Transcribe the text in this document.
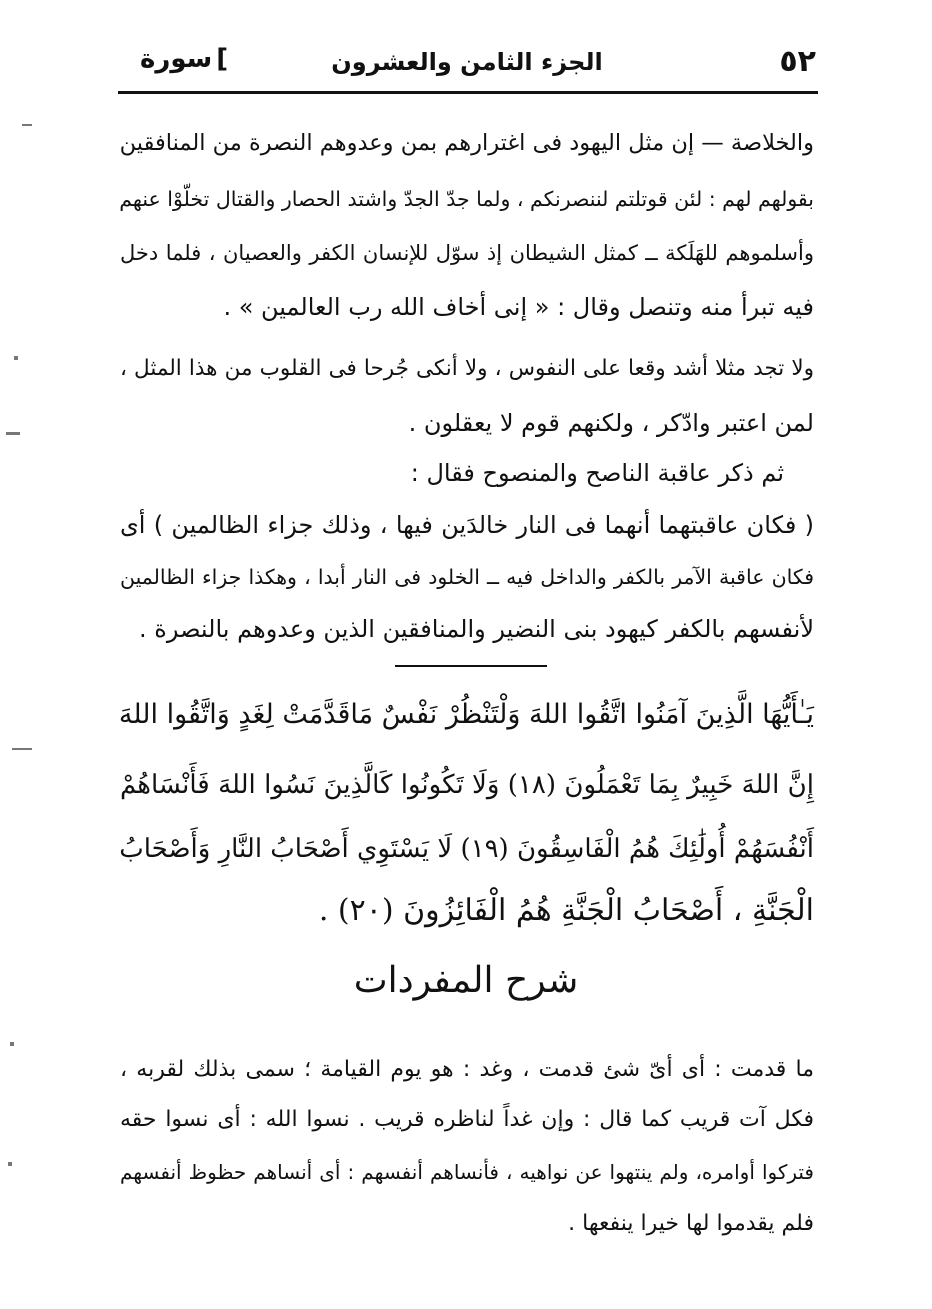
٥٢
الجزء الثامن والعشرون
سورة [
والخلاصة — إن مثل اليهود فى اغترارهم بمن وعدوهم النصرة من المنافقين
بقولهم لهم : لئن قوتلتم لننصرنكم ، ولما جدّ الجدّ واشتد الحصار والقتال تخلّوْا عنهم
وأسلموهم للهَلَكة ــ كمثل الشيطان إذ سوّل للإنسان الكفر والعصيان ، فلما دخل
فيه تبرأ منه وتنصل وقال : « إنى أخاف الله رب العالمين » .
ولا تجد مثلا أشد وقعا على النفوس ، ولا أنكى جُرحا فى القلوب من هذا المثل ،
لمن اعتبر وادّكر ، ولكنهم قوم لا يعقلون .
ثم ذكر عاقبة الناصح والمنصوح فقال :
( فكان عاقبتهما أنهما فى النار خالدَين فيها ، وذلك جزاء الظالمين ) أى
فكان عاقبة الآمر بالكفر والداخل فيه ــ الخلود فى النار أبدا ، وهكذا جزاء الظالمين
لأنفسهم بالكفر كيهود بنى النضير والمنافقين الذين وعدوهم بالنصرة .
يَـٰأَيُّهَا الَّذِينَ آمَنُوا اتَّقُوا اللهَ وَلْتَنْظُرْ نَفْسٌ مَاقَدَّمَتْ لِغَدٍ وَاتَّقُوا اللهَ
إِنَّ اللهَ خَبِيرٌ بِمَا تَعْمَلُونَ (١٨) وَلَا تَكُونُوا كَالَّذِينَ نَسُوا اللهَ فَأَنْسَاهُمْ
أَنْفُسَهُمْ أُولَٰئِكَ هُمُ الْفَاسِقُونَ (١٩) لَا يَسْتَوِي أَصْحَابُ النَّارِ وَأَصْحَابُ
الْجَنَّةِ ، أَصْحَابُ الْجَنَّةِ هُمُ الْفَائِزُونَ (٢٠) .
شرح المفردات
ما قدمت : أى أىّ شئ قدمت ، وغد : هو يوم القيامة ؛ سمى بذلك لقربه ،
فكل آت قريب كما قال : وإن غداً لناظره قريب . نسوا الله : أى نسوا حقه
فتركوا أوامره، ولم ينتهوا عن نواهيه ، فأنساهم أنفسهم : أى أنساهم حظوظ أنفسهم
فلم يقدموا لها خيرا ينفعها .
